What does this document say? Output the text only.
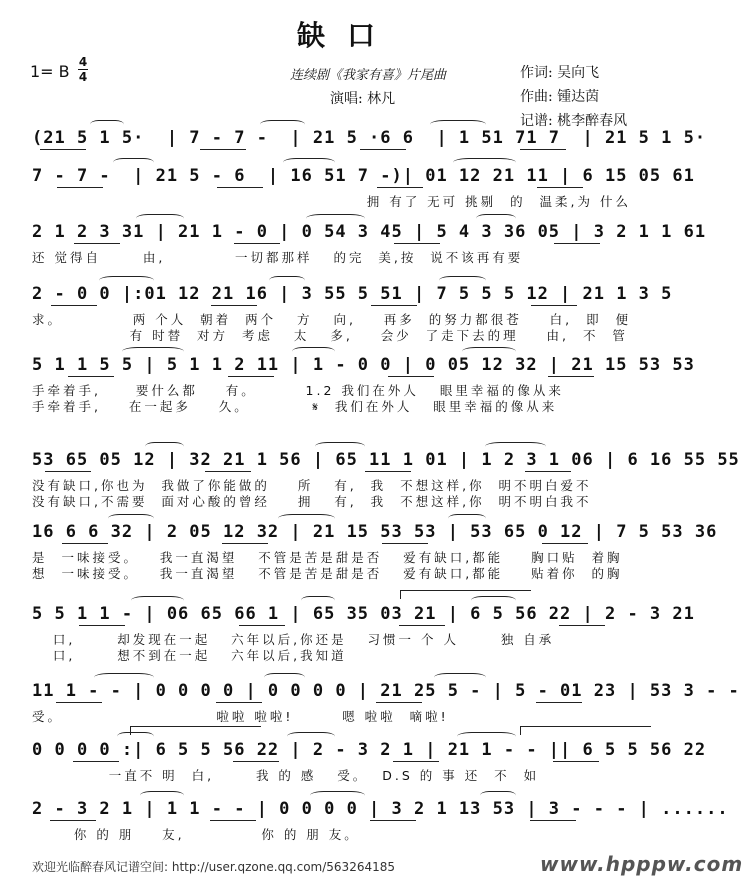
缺口
1= B 4
4	连续剧《我家有喜》片尾曲
演唱: 林凡
作词: 吴向飞
作曲: 锺达茵
记谱: 桃李醉春风
(21 5 1 5·  | 7 - 7 -  | 21 5 ·6 6  | 1 51 71 7  | 21 5 1 5·
7 - 7 -  | 21 5 - 6  | 16 51 7 -)| 01 12 21 11 | 6 15 05 61
拥 有了 无可 挑剔  的  温柔,为 什么
2 1 2 3 31 | 21 1 - 0 | 0 54 3 45 | 5 4 3 36 05 | 3 2 1 1 61
还 觉得自      由,          一切都那样   的完  美,按  说不该再有要
2 - 0 0 |:01 12 21 16 | 3 55 5 51 | 7 5 5 5 12 | 21 1 3 5
求。          两 个人  朝着  两个   方   向,    再多  的努力都很苍    白,  即  便
有 时替  对方  考虑   太   多,    会少  了走下去的理    由,  不  管
5 1 1 5 5 | 5 1 1 2 11 | 1 - 0 0 | 0 05 12 32 | 21 15 53 53
手牵着手,     要什么都    有。       1.2 我们在外人   眼里幸福的像从来
手牵着手,    在一起多    久。         𝄋  我们在外人   眼里幸福的像从来
53 65 05 12 | 32 21 1 56 | 65 11 1 01 | 1 2 3 1 06 | 6 16 55 55
没有缺口,你也为  我做了你能做的    所   有,  我  不想这样,你  明不明白爱不
没有缺口,不需要  面对心酸的曾经    拥   有,  我  不想这样,你  明不明白我不
16 6 6 32 | 2 05 12 32 | 21 15 53 53 | 53 65 0 12 | 7 5 53 36
是  一味接受。   我一直渴望   不管是苦是甜是否   爱有缺口,都能    胸口贴  着胸
想  一味接受。   我一直渴望   不管是苦是甜是否   爱有缺口,都能    贴着你  的胸
5 5 1 1 - | 06 65 66 1 | 65 35 03 21 | 6 5 56 22 | 2 - 3 21
口,      却发现在一起   六年以后,你还是   习惯一 个 人      独 自承
口,      想不到在一起   六年以后,我知道
11 1 - - | 0 0 0 0 | 0 0 0 0 | 21 25 5 - | 5 - 01 23 | 53 3 - -
受。                      啦啦 啦啦!       嗯 啦啦  嘀啦!
0 0 0 0 :| 6 5 5 56 22 | 2 - 3 2 1 | 21 1 - - || 6 5 5 56 22
一直不 明  白,      我 的 感   受。  D.S 的 事 还  不  如
2 - 3 2 1 | 1 1 - - | 0 0 0 0 | 3 2 1 13 53 | 3 - - - | ......
你 的 朋    友,           你 的 朋 友。
欢迎光临醉春风记谱空间: http://user.qzone.qq.com/563264185	www.hpppw.com
